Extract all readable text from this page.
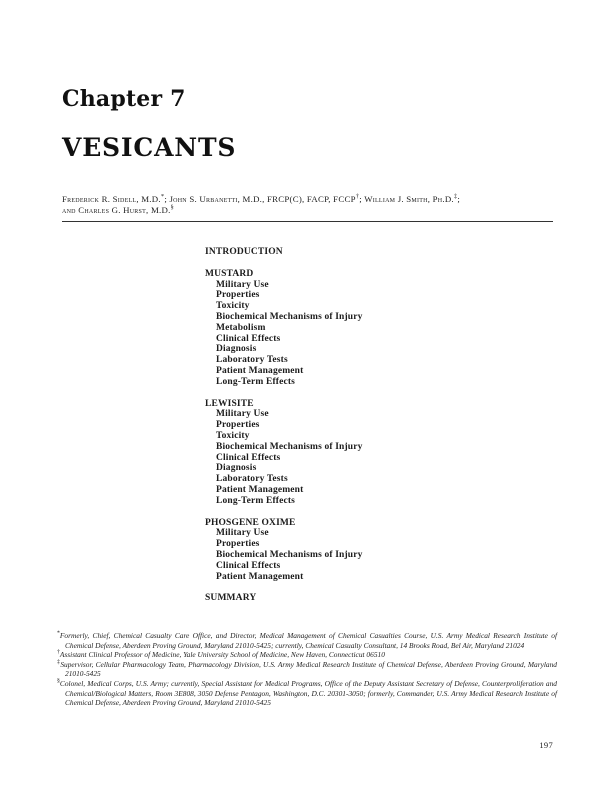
Chapter 7
VESICANTS

Frederick R. Sidell, M.D.*; John S. Urbanetti, M.D., FRCP(C), FACP, FCCP†; William J. Smith, Ph.D.‡;
and Charles G. Hurst, M.D.§

INTRODUCTION
MUSTARD
Military Use
Properties
Toxicity
Biochemical Mechanisms of Injury
Metabolism
Clinical Effects
Diagnosis
Laboratory Tests
Patient Management
Long-Term Effects
LEWISITE
Military Use
Properties
Toxicity
Biochemical Mechanisms of Injury
Clinical Effects
Diagnosis
Laboratory Tests
Patient Management
Long-Term Effects
PHOSGENE OXIME
Military Use
Properties
Biochemical Mechanisms of Injury
Clinical Effects
Patient Management
SUMMARY

*Formerly, Chief, Chemical Casualty Care Office, and Director, Medical Management of Chemical Casualties Course, U.S. Army Medical Research Institute of Chemical Defense, Aberdeen Proving Ground, Maryland 21010-5425; currently, Chemical Casualty Consultant, 14 Brooks Road, Bel Air, Maryland 21024

†Assistant Clinical Professor of Medicine, Yale University School of Medicine, New Haven, Connecticut 06510

‡Supervisor, Cellular Pharmacology Team, Pharmacology Division, U.S. Army Medical Research Institute of Chemical Defense, Aberdeen Proving Ground, Maryland 21010-5425

§Colonel, Medical Corps, U.S. Army; currently, Special Assistant for Medical Programs, Office of the Deputy Assistant Secretary of Defense, Counterproliferation and Chemical/Biological Matters, Room 3E808, 3050 Defense Pentagon, Washington, D.C. 20301-3050; formerly, Commander, U.S. Army Medical Research Institute of Chemical Defense, Aberdeen Proving Ground, Maryland 21010-5425

197
